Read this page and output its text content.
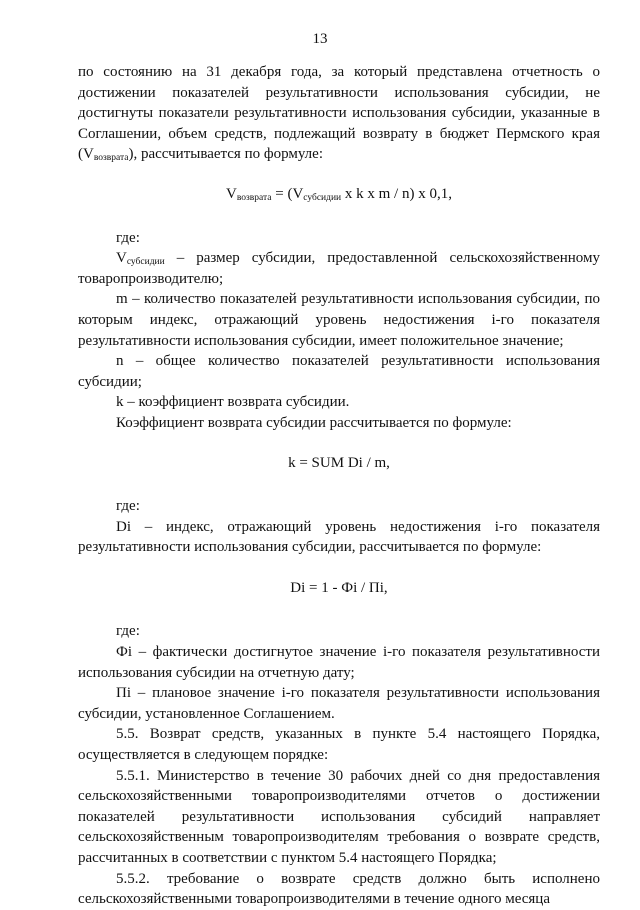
13

по состоянию на 31 декабря года, за который представлена отчетность о достижении показателей результативности использования субсидии, не достигнуты показатели результативности использования субсидии, указанные в Соглашении, объем средств, подлежащий возврату в бюджет Пермского края $(V_{возврата})$, рассчитывается по формуле:

$V_{возврата} = (V_{субсидии}$ x k x m / n) x 0,1,

где:

$V_{субсидии}$ – размер субсидии, предоставленной сельскохозяйственному товаропроизводителю;

m – количество показателей результативности использования субсидии, по которым индекс, отражающий уровень недостижения i-го показателя результативности использования субсидии, имеет положительное значение;

n – общее количество показателей результативности использования субсидии;

k – коэффициент возврата субсидии.

Коэффициент возврата субсидии рассчитывается по формуле:

k = SUM Di / m,

где:

Di – индекс, отражающий уровень недостижения i-го показателя результативности использования субсидии, рассчитывается по формуле:

Di = 1 - Фi / Пi,

где:

Фi – фактически достигнутое значение i-го показателя результативности использования субсидии на отчетную дату;

Пi – плановое значение i-го показателя результативности использования субсидии, установленное Соглашением.

5.5. Возврат средств, указанных в пункте 5.4 настоящего Порядка, осуществляется в следующем порядке:

5.5.1. Министерство в течение 30 рабочих дней со дня предоставления сельскохозяйственными товаропроизводителями отчетов о достижении показателей результативности использования субсидий направляет сельскохозяйственным товаропроизводителям требования о возврате средств, рассчитанных в соответствии с пунктом 5.4 настоящего Порядка;

5.5.2. требование о возврате средств должно быть исполнено сельскохозяйственными товаропроизводителями в течение одного месяца
